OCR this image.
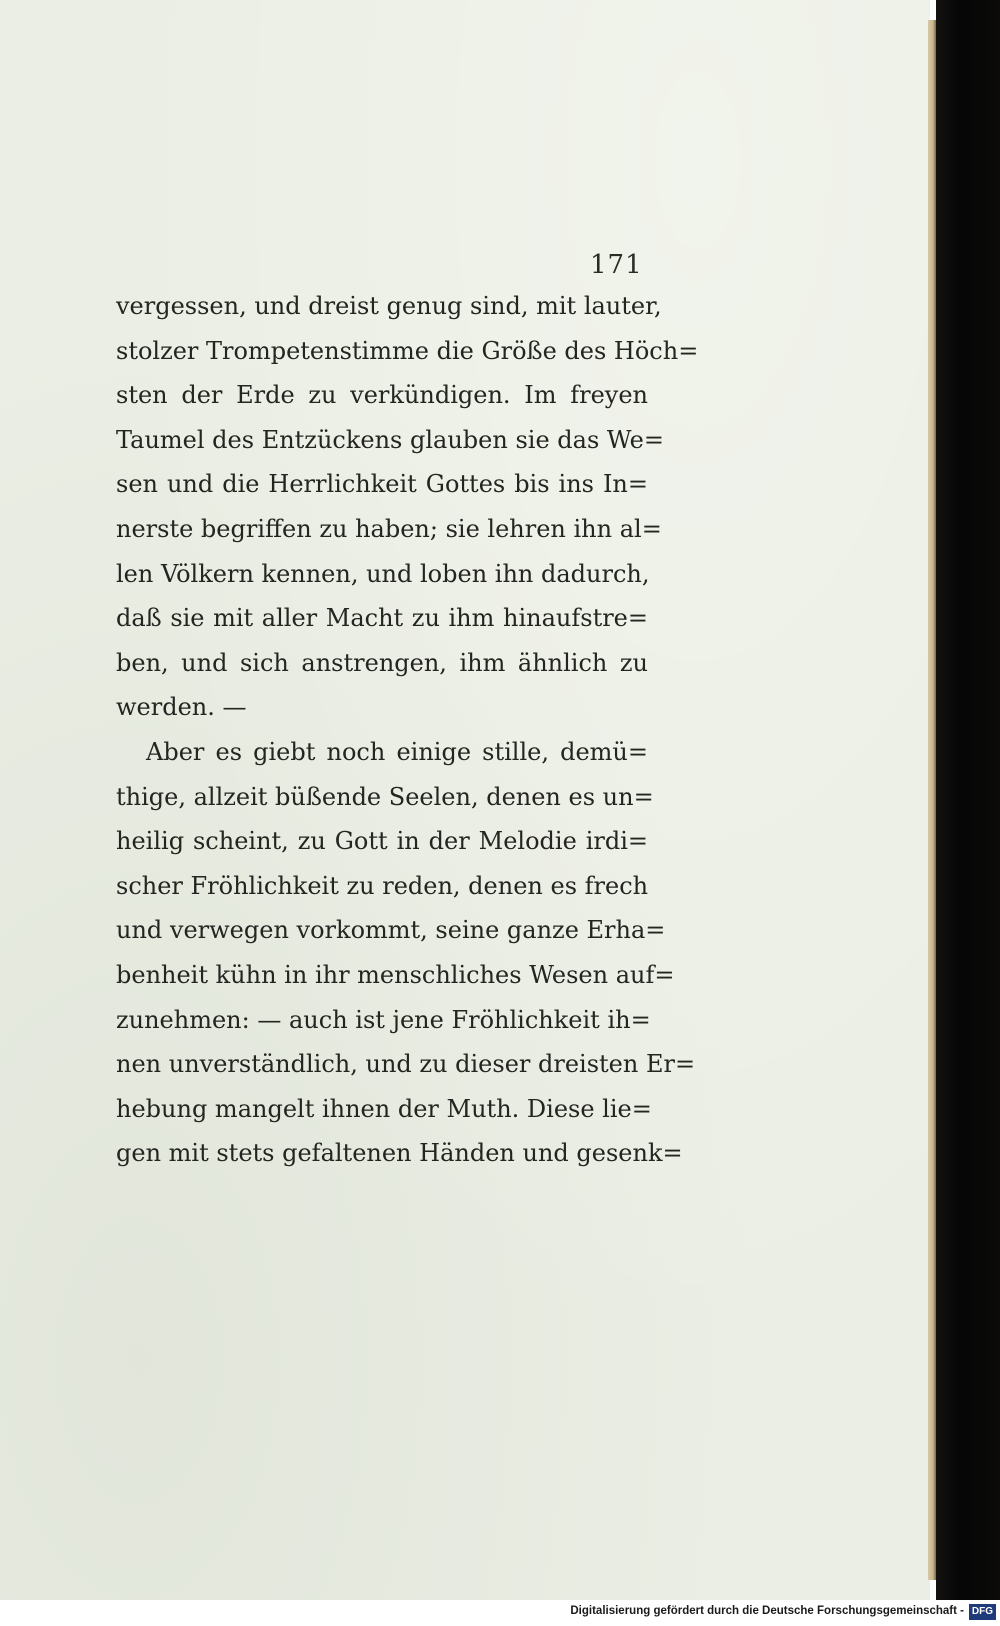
171
vergessen, und dreist genug sind, mit lauter,
stolzer Trompetenstimme die Größe des Höch=
sten der Erde zu verkündigen. Im freyen
Taumel des Entzückens glauben sie das We=
sen und die Herrlichkeit Gottes bis ins In=
nerste begriffen zu haben; sie lehren ihn al=
len Völkern kennen, und loben ihn dadurch,
daß sie mit aller Macht zu ihm hinaufstre=
ben, und sich anstrengen, ihm ähnlich zu
werden. —
Aber es giebt noch einige stille, demü=
thige, allzeit büßende Seelen, denen es un=
heilig scheint, zu Gott in der Melodie irdi=
scher Fröhlichkeit zu reden, denen es frech
und verwegen vorkommt, seine ganze Erha=
benheit kühn in ihr menschliches Wesen auf=
zunehmen: — auch ist jene Fröhlichkeit ih=
nen unverständlich, und zu dieser dreisten Er=
hebung mangelt ihnen der Muth. Diese lie=
gen mit stets gefaltenen Händen und gesenk=
Digitalisierung gefördert durch die Deutsche Forschungsgemeinschaft - DFG
